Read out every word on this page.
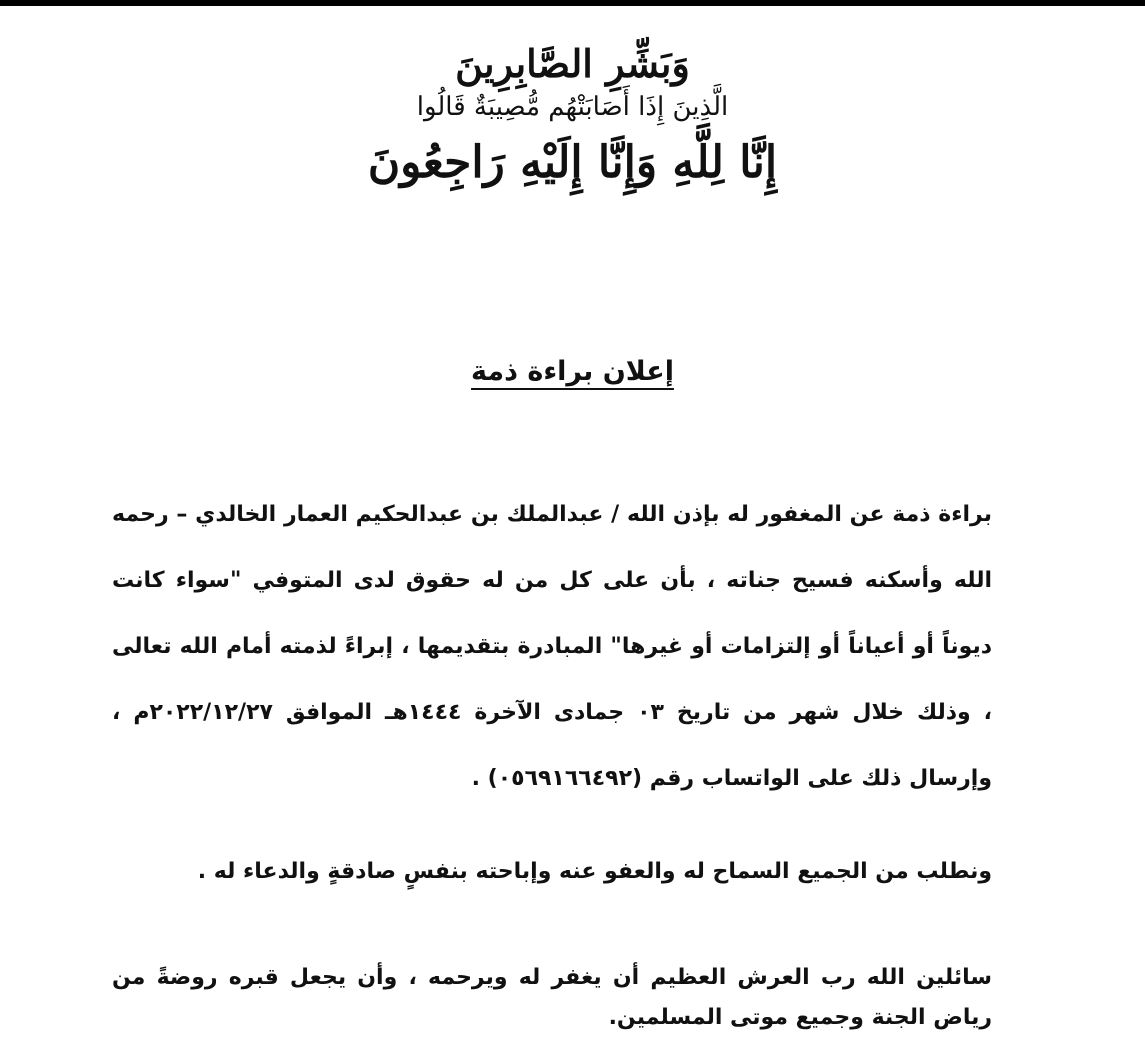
وَبَشِّرِ الصَّابِرِينَ
الَّذِينَ إِذَا أَصَابَتْهُم مُّصِيبَةٌ قَالُوا
إِنَّا لِلَّهِ وَإِنَّا إِلَيْهِ رَاجِعُونَ
إعلان براءة ذمة

براءة ذمة عن المغفور له بإذن الله / عبدالملك بن عبدالحكيم العمار الخالدي – رحمه الله وأسكنه فسيح جناته ، بأن على كل من له حقوق لدى المتوفي "سواء كانت ديوناً أو أعياناً أو إلتزامات أو غيرها" المبادرة بتقديمها ، إبراءً لذمته أمام الله تعالى ، وذلك خلال شهر من تاريخ ٠٣ جمادى الآخرة ١٤٤٤هـ الموافق ٢٠٢٢/١٢/٢٧م ، وإرسال ذلك على الواتساب رقم (٠٥٦٩١٦٦٤٩٢) .

ونطلب من الجميع السماح له والعفو عنه وإباحته بنفسٍ صادقةٍ والدعاء له .

سائلين الله رب العرش العظيم أن يغفر له ويرحمه ، وأن يجعل قبره روضةً من رياض الجنة وجميع موتى المسلمين.
